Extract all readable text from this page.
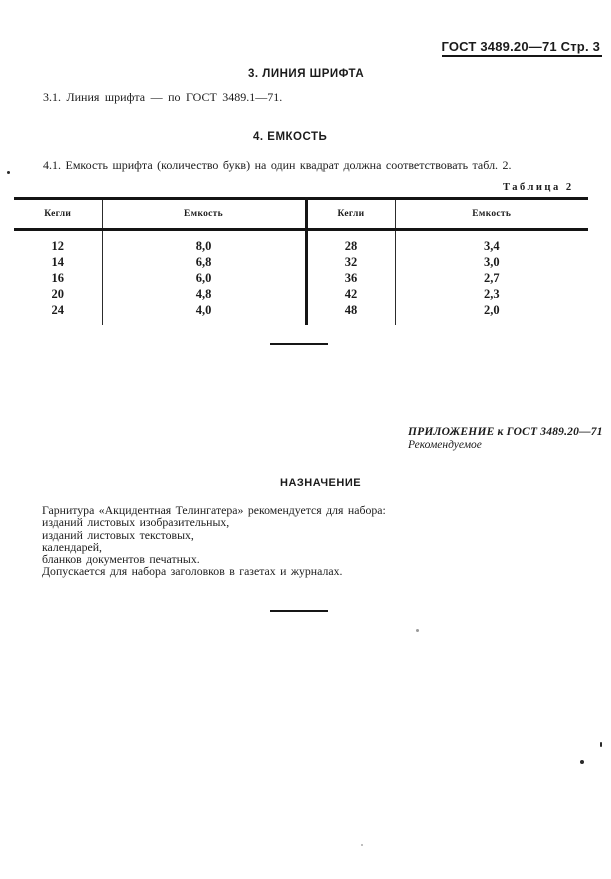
ГОСТ 3489.20—71 Стр. 3
3. ЛИНИЯ ШРИФТА
3.1. Линия шрифта — по ГОСТ 3489.1—71.
4. ЕМКОСТЬ
4.1. Емкость шрифта (количество букв) на один квадрат должна соответствовать табл. 2.
Таблица 2
Кегли	Емкость	Кегли	Емкость
12	8,0	28	3,4
14	6,8	32	3,0
16	6,0	36	2,7
20	4,8	42	2,3
24	4,0	48	2,0

ПРИЛОЖЕНИЕ к ГОСТ 3489.20—71
Рекомендуемое
НАЗНАЧЕНИЕ
Гарнитура «Акцидентная Телингатера» рекомендуется для набора:
изданий листовых изобразительных,
изданий листовых текстовых,
календарей,
бланков документов печатных.
Допускается для набора заголовков в газетах и журналах.
